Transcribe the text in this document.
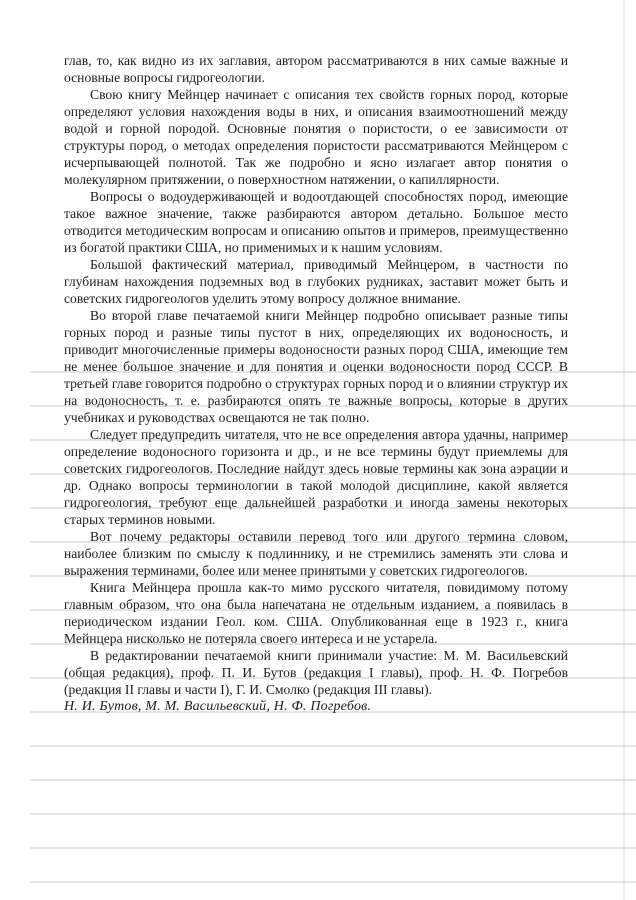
глав, то, как видно из их заглавия, автором рассматриваются в них самые важные и основные вопросы гидрогеологии.

Свою книгу Мейнцер начинает с описания тех свойств горных пород, которые определяют условия нахождения воды в них, и описания взаимоотношений между водой и горной породой. Основные понятия о пористости, о ее зависимости от структуры пород, о методах определения пористости рассматриваются Мейнцером с исчерпывающей полнотой. Так же подробно и ясно излагает автор понятия о молекулярном притяжении, о поверхностном натяжении, о капиллярности.

Вопросы о водоудерживающей и водоотдающей способностях пород, имеющие такое важное значение, также разбираются автором детально. Большое место отводится методическим вопросам и описанию опытов и примеров, преимущественно из богатой практики США, но применимых и к нашим условиям.

Большой фактический материал, приводимый Мейнцером, в частности по глубинам нахождения подземных вод в глубоких рудниках, заставит может быть и советских гидрогеологов уделить этому вопросу должное внимание.

Во второй главе печатаемой книги Мейнцер подробно описывает разные типы горных пород и разные типы пустот в них, определяющих их водоносность, и приводит многочисленные примеры водоносности разных пород США, имеющие тем не менее большое значение и для понятия и оценки водоносности пород СССР. В третьей главе говорится подробно о структурах горных пород и о влиянии структур их на водоносность, т. е. разбираются опять те важные вопросы, которые в других учебниках и руководствах освещаются не так полно.

Следует предупредить читателя, что не все определения автора удачны, например определение водоносного горизонта и др., и не все термины будут приемлемы для советских гидрогеологов. Последние найдут здесь новые термины как зона аэрации и др. Однако вопросы терминологии в такой молодой дисциплине, какой является гидрогеология, требуют еще дальнейшей разработки и иногда замены некоторых старых терминов новыми.

Вот почему редакторы оставили перевод того или другого термина словом, наиболее близким по смыслу к подлиннику, и не стремились заменять эти слова и выражения терминами, более или менее принятыми у советских гидрогеологов.

Книга Мейнцера прошла как-то мимо русского читателя, повидимому потому главным образом, что она была напечатана не отдельным изданием, а появилась в периодическом издании Геол. ком. США. Опубликованная еще в 1923 г., книга Мейнцера нисколько не потеряла своего интереса и не устарела.

В редактировании печатаемой книги принимали участие: М. М. Васильевский (общая редакция), проф. П. И. Бутов (редакция I главы), проф. Н. Ф. Погребов (редакция II главы и части I), Г. И. Смолко (редакция III главы).

Н. И. Бутов, М. М. Васильевский, Н. Ф. Погребов.
